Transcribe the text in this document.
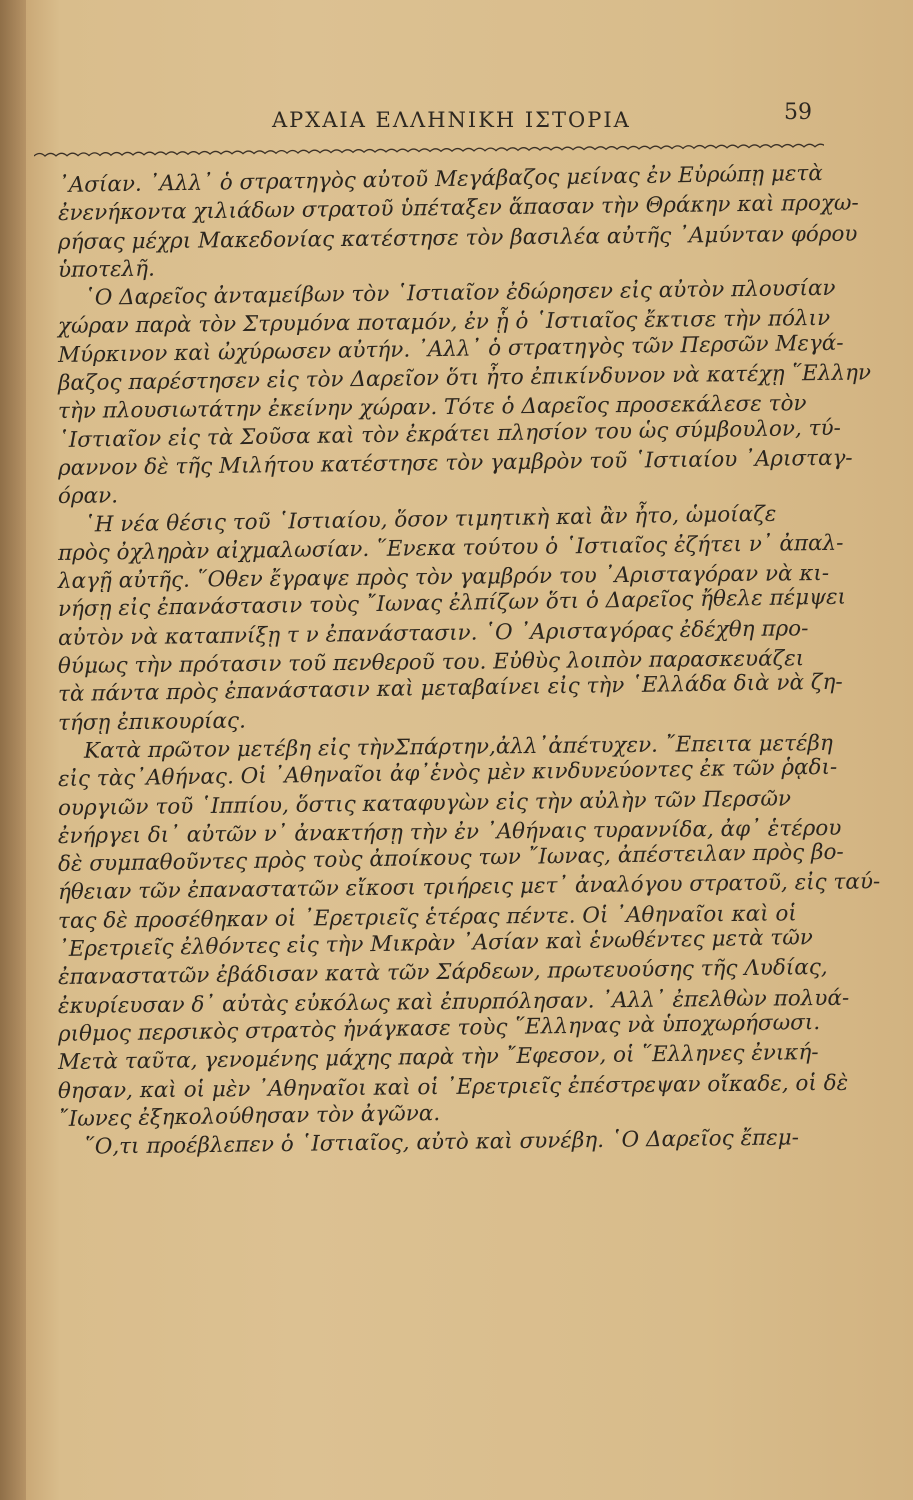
ΑΡΧΑΙΑ ΕΛΛΗΝΙΚΗ ΙΣΤΟΡΙΑ	59
᾿Ασίαν. ᾿Αλλ᾿ ὁ στρατηγὸς αὐτοῦ Μεγάβαζος μείνας ἐν Εὐρώπῃ μετὰ
ἐνενήκοντα χιλιάδων στρατοῦ ὑπέταξεν ἅπασαν τὴν Θράκην καὶ προχω-
ρήσας μέχρι Μακεδονίας κατέστησε τὸν βασιλέα αὐτῆς ᾿Αμύνταν φόρου
ὑποτελῆ.
῾Ο Δαρεῖος ἀνταμείβων τὸν ῾Ιστιαῖον ἐδώρησεν εἰς αὐτὸν πλουσίαν
χώραν παρὰ τὸν Στρυμόνα ποταμόν, ἐν ᾗ ὁ ῾Ιστιαῖος ἔκτισε τὴν πόλιν
Μύρκινον καὶ ὠχύρωσεν αὐτήν. ᾿Αλλ᾿ ὁ στρατηγὸς τῶν Περσῶν Μεγά-
βαζος παρέστησεν εἰς τὸν Δαρεῖον ὅτι ἦτο ἐπικίνδυνον νὰ κατέχῃ ῞Ελλην
τὴν πλουσιωτάτην ἐκείνην χώραν. Τότε ὁ Δαρεῖος προσεκάλεσε τὸν
῾Ιστιαῖον εἰς τὰ Σοῦσα καὶ τὸν ἐκράτει πλησίον του ὡς σύμβουλον, τύ-
ραννον δὲ τῆς Μιλήτου κατέστησε τὸν γαμβρὸν τοῦ ῾Ιστιαίου ᾿Αρισταγ-
όραν.
῾Η νέα θέσις τοῦ ῾Ιστιαίου, ὅσον τιμητικὴ καὶ ἂν ἦτο, ὡμοίαζε
πρὸς ὀχληρὰν αἰχμαλωσίαν. ῞Ενεκα τούτου ὁ ῾Ιστιαῖος ἐζήτει ν᾿ ἀπαλ-
λαγῇ αὐτῆς. ῞Οθεν ἔγραψε πρὸς τὸν γαμβρόν του ᾿Αρισταγόραν νὰ κι-
νήσῃ εἰς ἐπανάστασιν τοὺς ῎Ιωνας ἐλπίζων ὅτι ὁ Δαρεῖος ἤθελε πέμψει
αὐτὸν νὰ καταπνίξῃ τ ν ἐπανάστασιν. ῾Ο ᾿Αρισταγόρας ἐδέχθη προ-
θύμως τὴν πρότασιν τοῦ πενθεροῦ του. Εὐθὺς λοιπὸν παρασκευάζει
τὰ πάντα πρὸς ἐπανάστασιν καὶ μεταβαίνει εἰς τὴν ῾Ελλάδα διὰ νὰ ζη-
τήσῃ ἐπικουρίας.
Κατὰ πρῶτον μετέβη εἰς τὴνΣπάρτην,ἀλλ᾿ἀπέτυχεν. ῎Επειτα μετέβη
εἰς τὰς᾿Αθήνας. Οἱ ᾿Αθηναῖοι ἀφ᾿ἑνὸς μὲν κινδυνεύοντες ἐκ τῶν ῥᾳδι-
ουργιῶν τοῦ ῾Ιππίου, ὅστις καταφυγὼν εἰς τὴν αὐλὴν τῶν Περσῶν
ἐνήργει δι᾿ αὐτῶν ν᾿ ἀνακτήσῃ τὴν ἐν ᾿Αθήναις τυραννίδα, ἀφ᾿ ἑτέρου
δὲ συμπαθοῦντες πρὸς τοὺς ἀποίκους των ῎Ιωνας, ἀπέστειλαν πρὸς βο-
ήθειαν τῶν ἐπαναστατῶν εἴκοσι τριήρεις μετ᾿ ἀναλόγου στρατοῦ, εἰς ταύ-
τας δὲ προσέθηκαν οἱ ᾿Ερετριεῖς ἑτέρας πέντε. Οἱ ᾿Αθηναῖοι καὶ οἱ
᾿Ερετριεῖς ἐλθόντες εἰς τὴν Μικρὰν ᾿Ασίαν καὶ ἑνωθέντες μετὰ τῶν
ἐπαναστατῶν ἐβάδισαν κατὰ τῶν Σάρδεων, πρωτευούσης τῆς Λυδίας,
ἐκυρίευσαν δ᾿ αὐτὰς εὐκόλως καὶ ἐπυρπόλησαν. ᾿Αλλ᾿ ἐπελθὼν πολυά-
ριθμος περσικὸς στρατὸς ἠνάγκασε τοὺς ῞Ελληνας νὰ ὑποχωρήσωσι.
Μετὰ ταῦτα, γενομένης μάχης παρὰ τὴν ῎Εφεσον, οἱ ῞Ελληνες ἐνική-
θησαν, καὶ οἱ μὲν ᾿Αθηναῖοι καὶ οἱ ᾿Ερετριεῖς ἐπέστρεψαν οἴκαδε, οἱ δὲ
῎Ιωνες ἐξηκολούθησαν τὸν ἀγῶνα.
῞Ο,τι προέβλεπεν ὁ ῾Ιστιαῖος, αὐτὸ καὶ συνέβη. ῾Ο Δαρεῖος ἔπεμ-
